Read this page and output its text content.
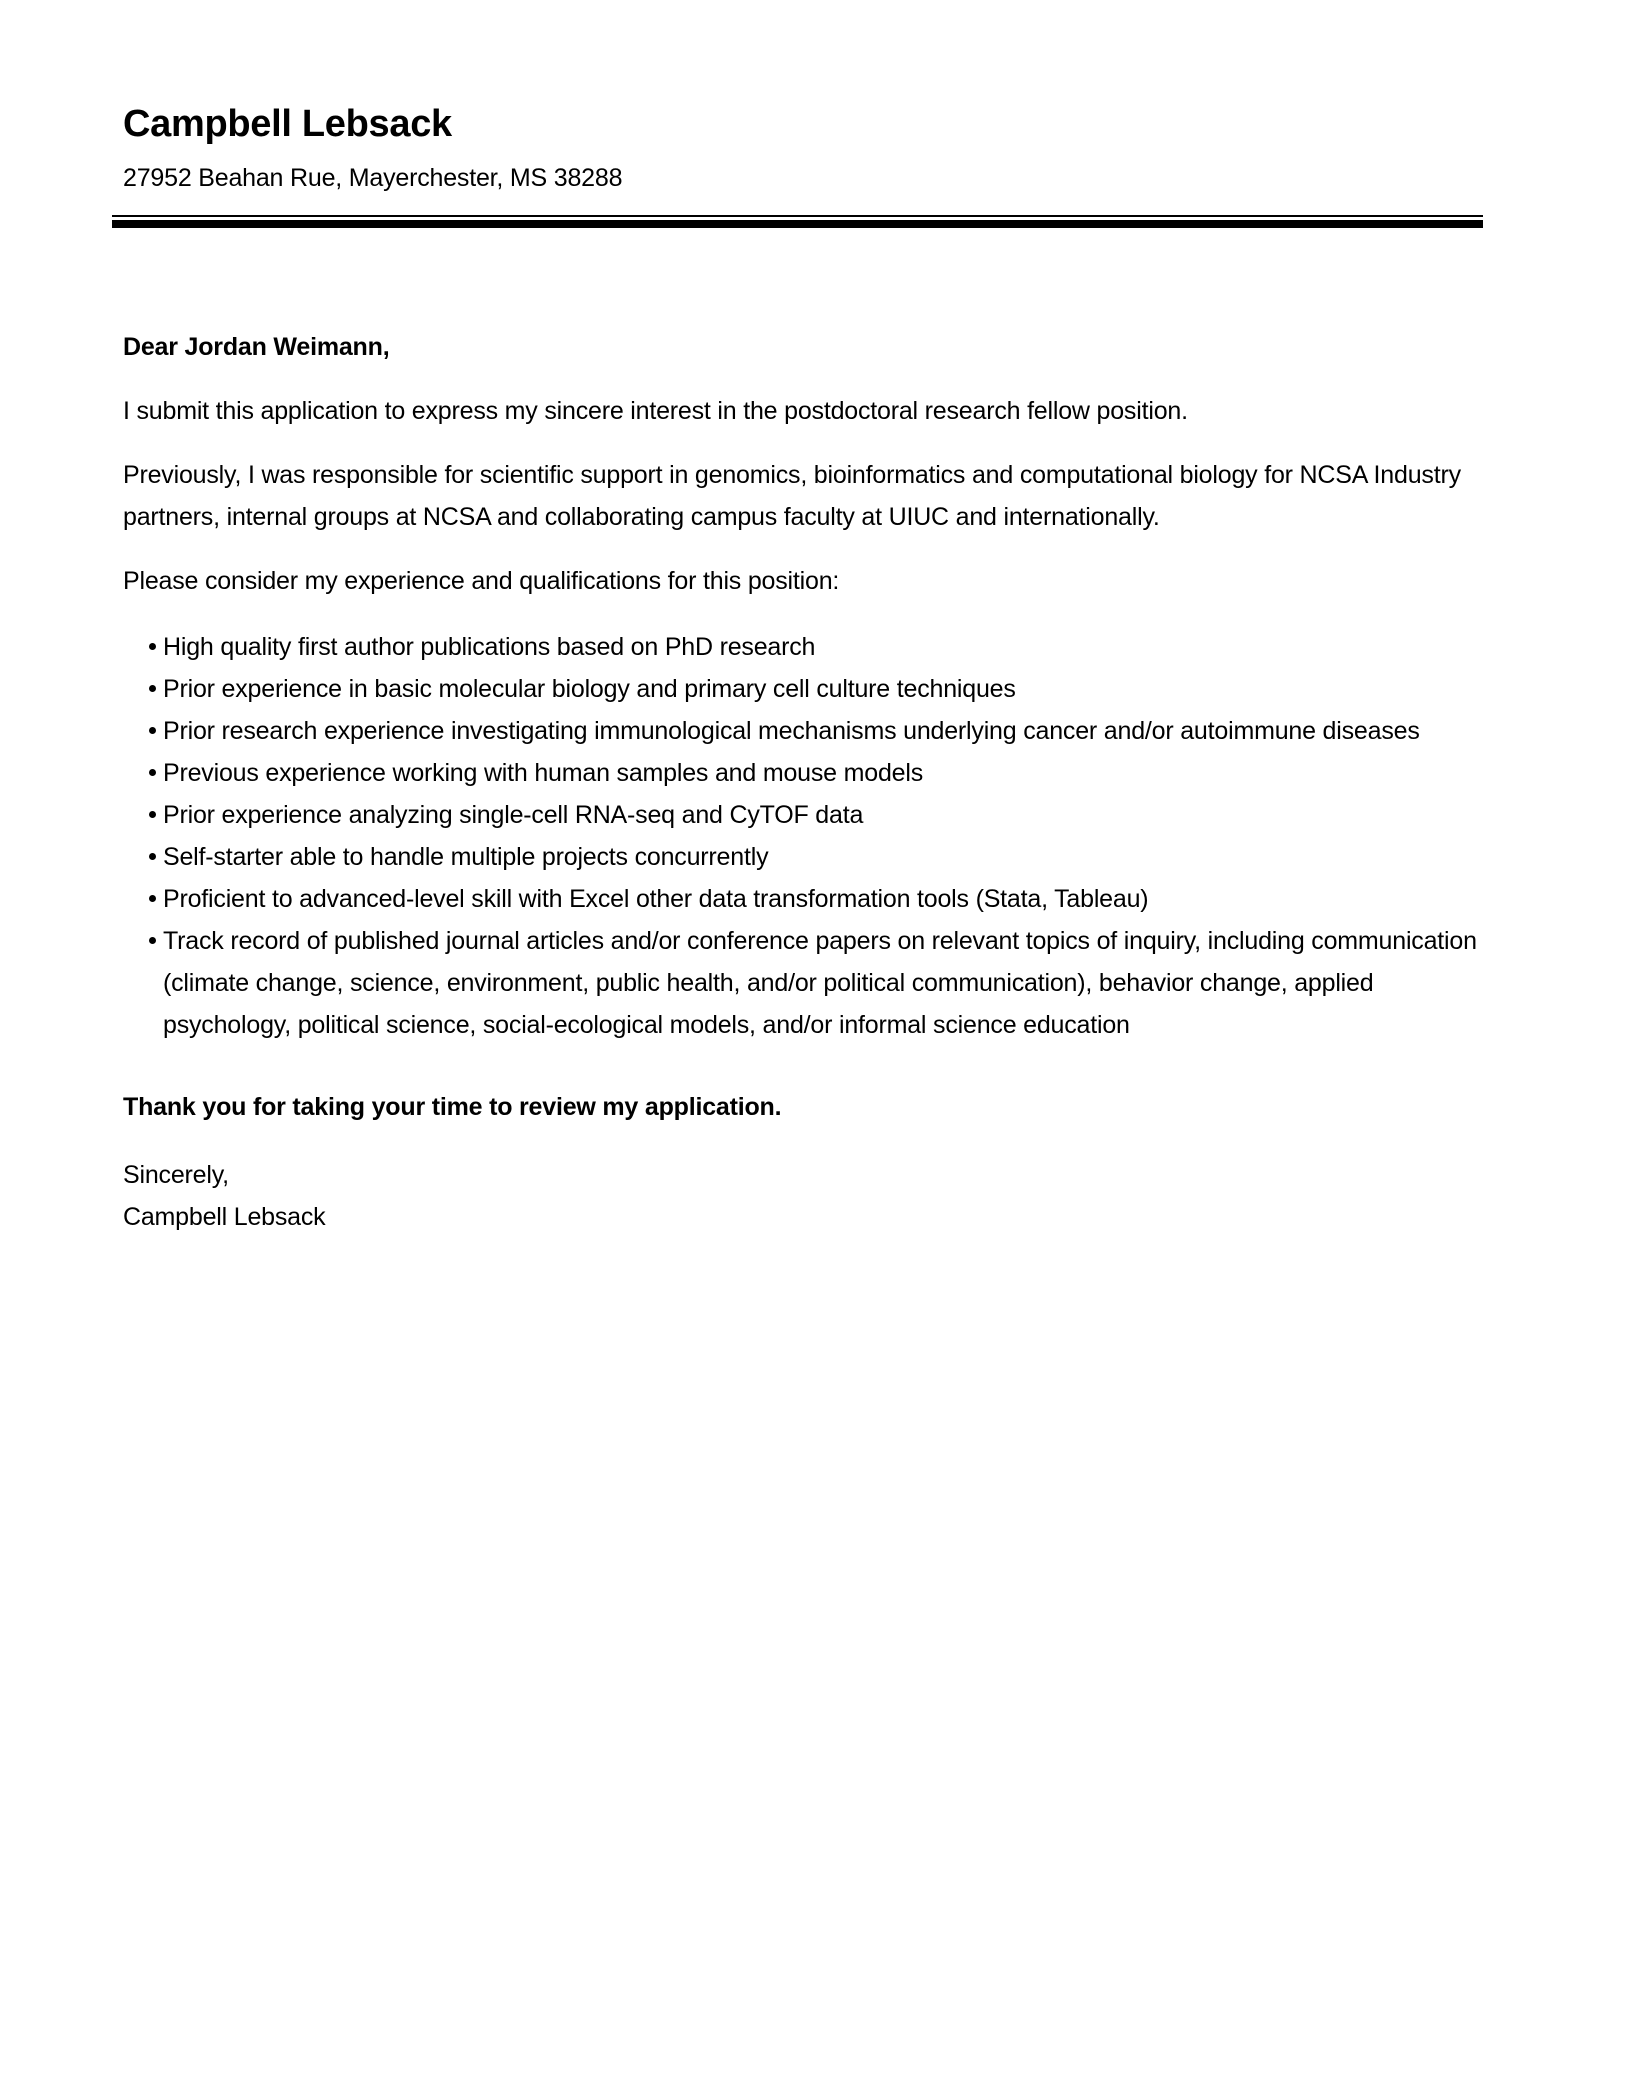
Campbell Lebsack
27952 Beahan Rue, Mayerchester, MS 38288

Dear Jordan Weimann,

I submit this application to express my sincere interest in the postdoctoral research fellow position.

Previously, I was responsible for scientific support in genomics, bioinformatics and computational biology for NCSA Industry partners, internal groups at NCSA and collaborating campus faculty at UIUC and internationally.

Please consider my experience and qualifications for this position:

High quality first author publications based on PhD research
Prior experience in basic molecular biology and primary cell culture techniques
Prior research experience investigating immunological mechanisms underlying cancer and/or autoimmune diseases
Previous experience working with human samples and mouse models
Prior experience analyzing single-cell RNA-seq and CyTOF data
Self-starter able to handle multiple projects concurrently
Proficient to advanced-level skill with Excel other data transformation tools (Stata, Tableau)
Track record of published journal articles and/or conference papers on relevant topics of inquiry, including communication (climate change, science, environment, public health, and/or political communication), behavior change, applied psychology, political science, social-ecological models, and/or informal science education

Thank you for taking your time to review my application.

Sincerely,
Campbell Lebsack
